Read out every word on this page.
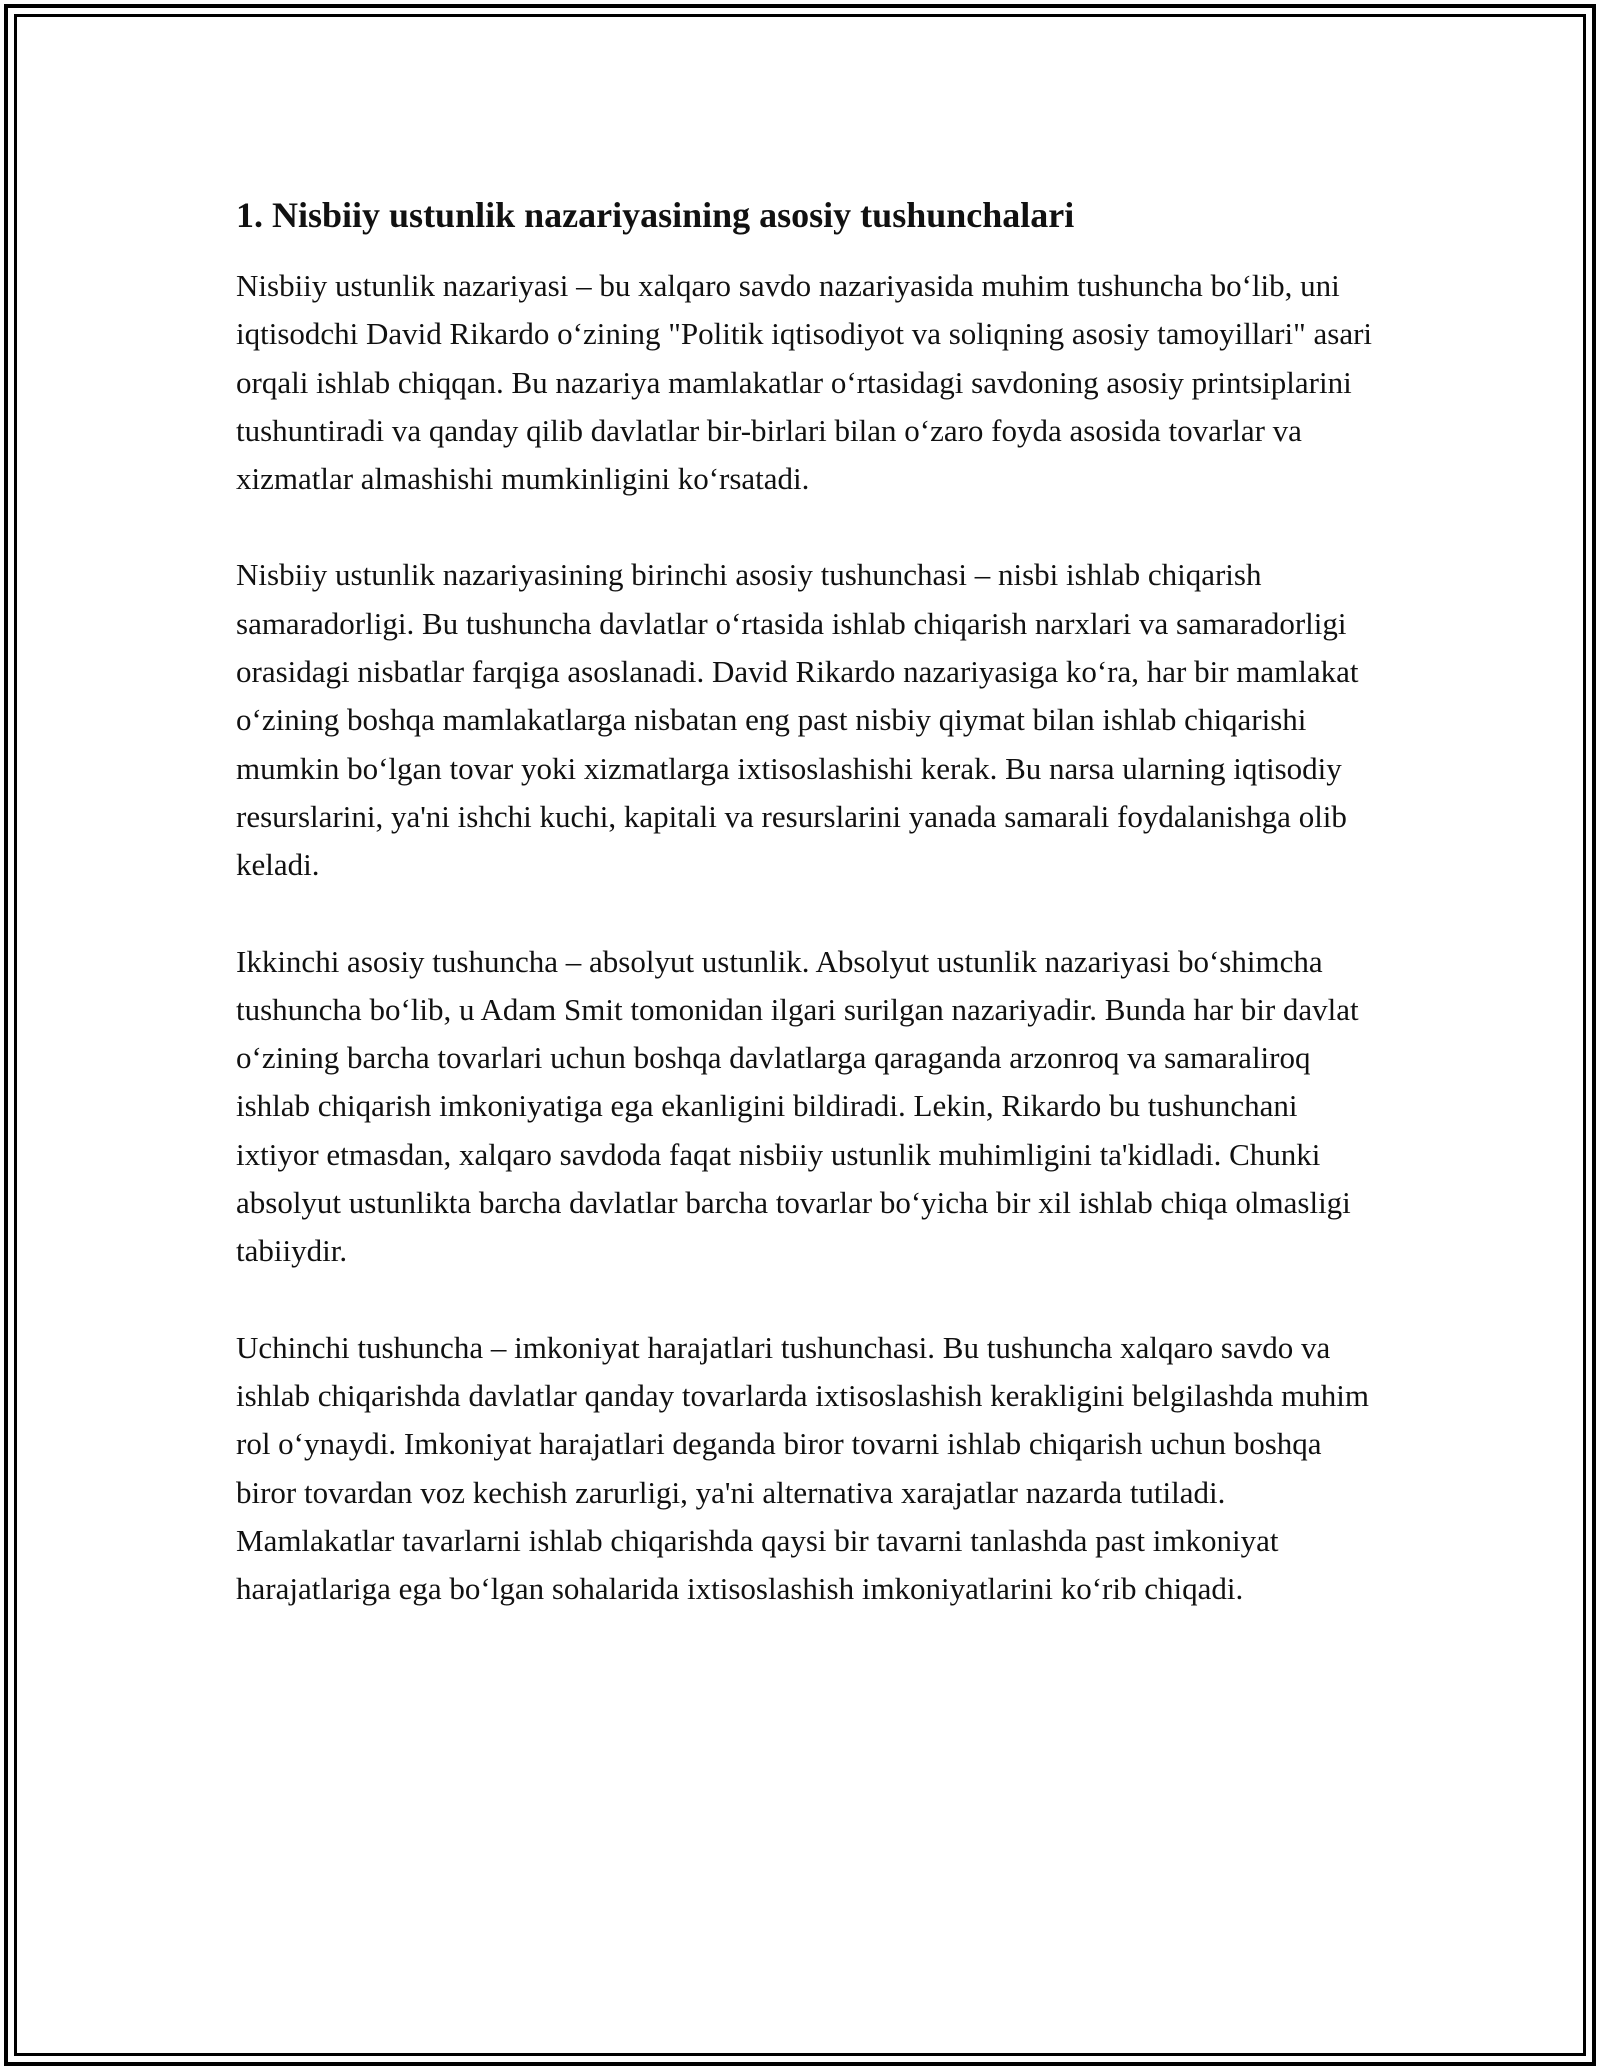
1. Nisbiiy ustunlik nazariyasining asosiy tushunchalari

Nisbiiy ustunlik nazariyasi – bu xalqaro savdo nazariyasida muhim tushuncha boʻlib, uni iqtisodchi David Rikardo oʻzining "Politik iqtisodiyot va soliqning asosiy tamoyillari" asari orqali ishlab chiqqan. Bu nazariya mamlakatlar oʻrtasidagi savdoning asosiy printsiplarini tushuntiradi va qanday qilib davlatlar bir-birlari bilan oʻzaro foyda asosida tovarlar va xizmatlar almashishi mumkinligini koʻrsatadi.

Nisbiiy ustunlik nazariyasining birinchi asosiy tushunchasi – nisbi ishlab chiqarish samaradorligi. Bu tushuncha davlatlar oʻrtasida ishlab chiqarish narxlari va samaradorligi orasidagi nisbatlar farqiga asoslanadi. David Rikardo nazariyasiga koʻra, har bir mamlakat oʻzining boshqa mamlakatlarga nisbatan eng past nisbiy qiymat bilan ishlab chiqarishi mumkin boʻlgan tovar yoki xizmatlarga ixtisoslashishi kerak. Bu narsa ularning iqtisodiy resurslarini, ya'ni ishchi kuchi, kapitali va resurslarini yanada samarali foydalanishga olib keladi.

Ikkinchi asosiy tushuncha – absolyut ustunlik. Absolyut ustunlik nazariyasi boʻshimcha tushuncha boʻlib, u Adam Smit tomonidan ilgari surilgan nazariyadir. Bunda har bir davlat oʻzining barcha tovarlari uchun boshqa davlatlarga qaraganda arzonroq va samaraliroq ishlab chiqarish imkoniyatiga ega ekanligini bildiradi. Lekin, Rikardo bu tushunchani ixtiyor etmasdan, xalqaro savdoda faqat nisbiiy ustunlik muhimligini ta'kidladi. Chunki absolyut ustunlikta barcha davlatlar barcha tovarlar boʻyicha bir xil ishlab chiqa olmasligi tabiiydir.

Uchinchi tushuncha – imkoniyat harajatlari tushunchasi. Bu tushuncha xalqaro savdo va ishlab chiqarishda davlatlar qanday tovarlarda ixtisoslashish kerakligini belgilashda muhim rol oʻynaydi. Imkoniyat harajatlari deganda biror tovarni ishlab chiqarish uchun boshqa biror tovardan voz kechish zarurligi, ya'ni alternativa xarajatlar nazarda tutiladi. Mamlakatlar tavarlarni ishlab chiqarishda qaysi bir tavarni tanlashda past imkoniyat harajatlariga ega boʻlgan sohalarida ixtisoslashish imkoniyatlarini koʻrib chiqadi.
